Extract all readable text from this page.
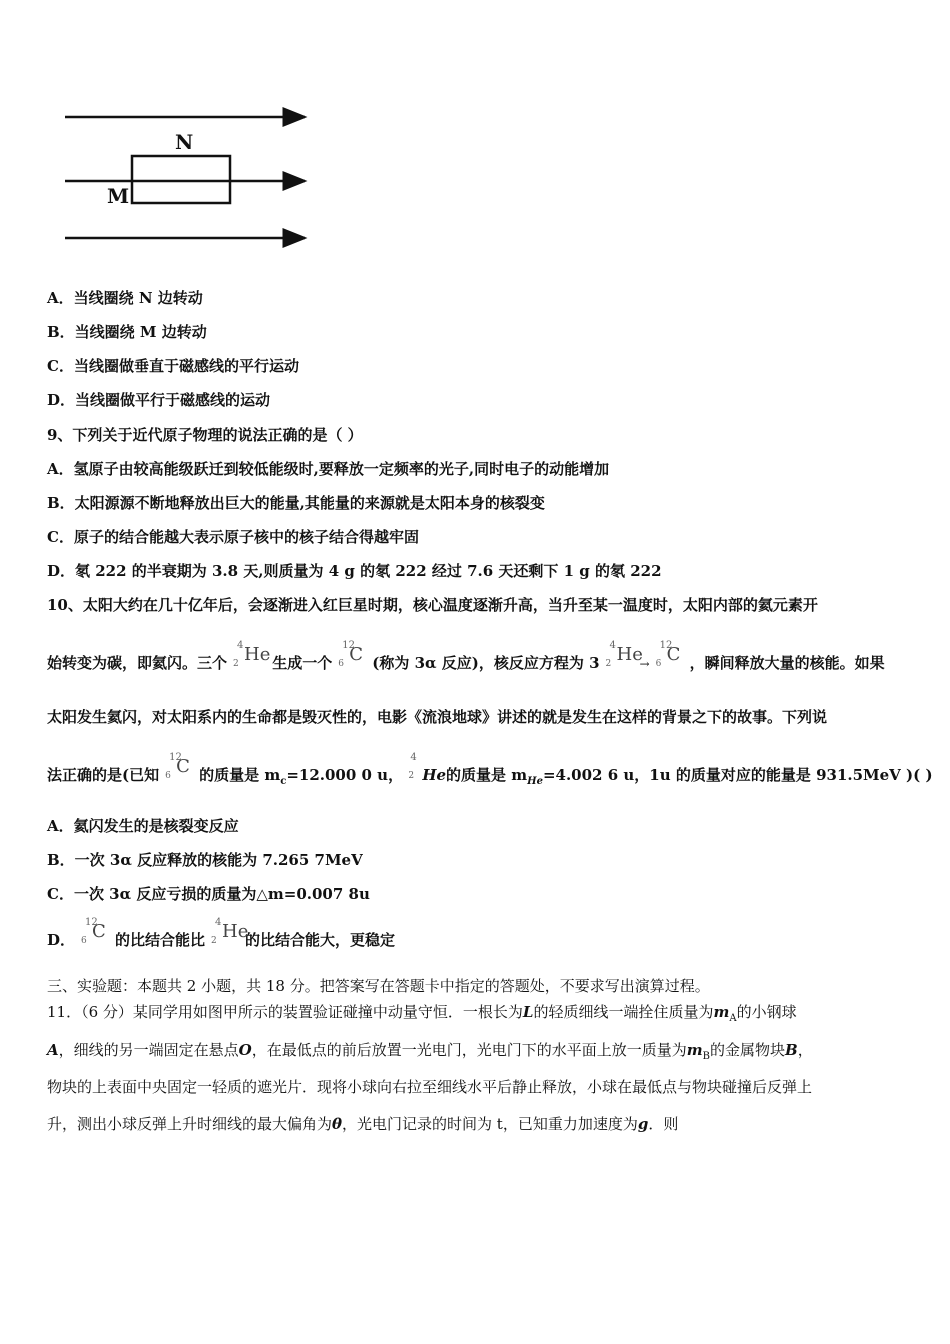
N
M
A．当线圈绕 N 边转动
B．当线圈绕 M 边转动
C．当线圈做垂直于磁感线的平行运动
D．当线圈做平行于磁感线的运动
9、下列关于近代原子物理的说法正确的是（ ）
A．氢原子由较高能级跃迁到较低能级时,要释放一定频率的光子,同时电子的动能增加
B．太阳源源不断地释放出巨大的能量,其能量的来源就是太阳本身的核裂变
C．原子的结合能越大表示原子核中的核子结合得越牢固
D．氡 222 的半衰期为 3.8 天,则质量为 4 g 的氡 222 经过 7.6 天还剩下 1 g 的氡 222
10、太阳大约在几十亿年后，会逐渐进入红巨星时期，核心温度逐渐升高，当升至某一温度时，太阳内部的氦元素开
始转变为碳，即氦闪。三个
4
2 He 生成一个
12
6 C (称为 3α 反应)，核反应方程为 3
4
2 He
→
12
6 C ，瞬间释放大量的核能。如果
太阳发生氦闪，对太阳系内的生命都是毁灭性的，电影《流浪地球》讲述的就是发生在这样的背景之下的故事。下列说
法正确的是(已知
12
6 C 的质量是 $m_c=12.000$ 0 u，
4
2 He的质量是 $m_{He}=4.002$ 6 u，1u 的质量对应的能量是 931.5MeV )( )
A．氦闪发生的是核裂变反应
B．一次 3α 反应释放的核能为 7.265 7MeV
C．一次 3α 反应亏损的质量为△m=0.007 8u
D．
12
6 C 的比结合能比
4
2 He
的比结合能大，更稳定
三、实验题：本题共 2 小题，共 18 分。把答案写在答题卡中指定的答题处，不要求写出演算过程。
11．（6 分）某同学用如图甲所示的装置验证碰撞中动量守恒．一根长为L的轻质细线一端拴住质量为$m_A$的小钢球
A，细线的另一端固定在悬点O，在最低点的前后放置一光电门，光电门下的水平面上放一质量为$m_B$的金属物块B，
物块的上表面中央固定一轻质的遮光片．现将小球向右拉至细线水平后静止释放，小球在最低点与物块碰撞后反弹上
升，测出小球反弹上升时细线的最大偏角为θ，光电门记录的时间为 t，已知重力加速度为g．则
